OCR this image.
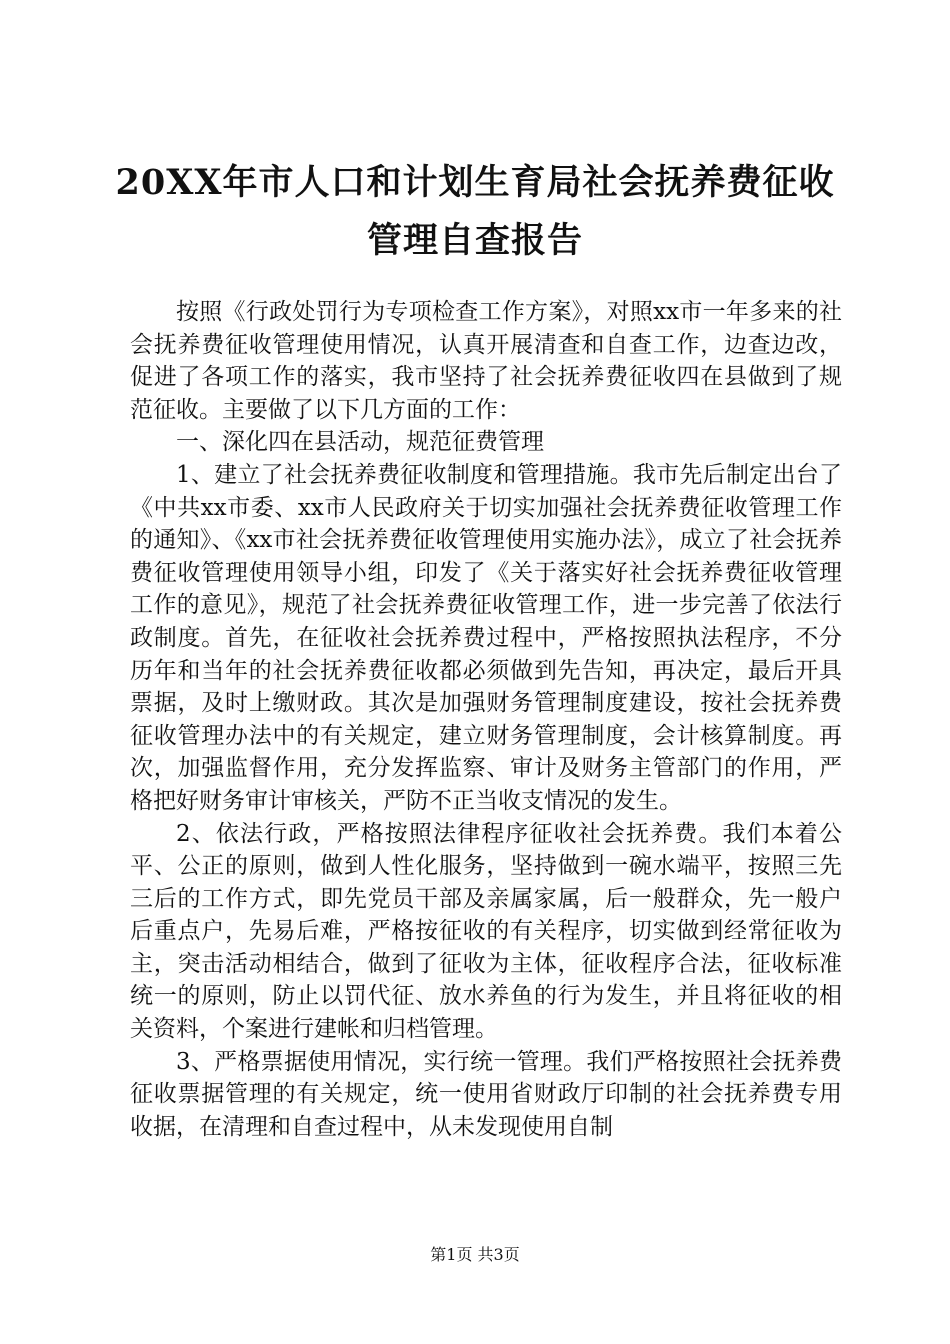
20XX年市人口和计划生育局社会抚养费征收
管理自查报告

按照《行政处罚行为专项检查工作方案》，对照xx市一年多来的社会抚养费征收管理使用情况，认真开展清查和自查工作，边查边改，促进了各项工作的落实，我市坚持了社会抚养费征收四在县做到了规范征收。主要做了以下几方面的工作：

一、深化四在县活动，规范征费管理

1、建立了社会抚养费征收制度和管理措施。我市先后制定出台了《中共xx市委、xx市人民政府关于切实加强社会抚养费征收管理工作的通知》、《xx市社会抚养费征收管理使用实施办法》，成立了社会抚养费征收管理使用领导小组，印发了《关于落实好社会抚养费征收管理工作的意见》，规范了社会抚养费征收管理工作，进一步完善了依法行政制度。首先，在征收社会抚养费过程中，严格按照执法程序，不分历年和当年的社会抚养费征收都必须做到先告知，再决定，最后开具票据，及时上缴财政。其次是加强财务管理制度建设，按社会抚养费征收管理办法中的有关规定，建立财务管理制度，会计核算制度。再次，加强监督作用，充分发挥监察、审计及财务主管部门的作用，严格把好财务审计审核关，严防不正当收支情况的发生。

2、依法行政，严格按照法律程序征收社会抚养费。我们本着公平、公正的原则，做到人性化服务，坚持做到一碗水端平，按照三先三后的工作方式，即先党员干部及亲属家属，后一般群众，先一般户后重点户，先易后难，严格按征收的有关程序，切实做到经常征收为主，突击活动相结合，做到了征收为主体，征收程序合法，征收标准统一的原则，防止以罚代征、放水养鱼的行为发生，并且将征收的相关资料，个案进行建帐和归档管理。

3、严格票据使用情况，实行统一管理。我们严格按照社会抚养费征收票据管理的有关规定，统一使用省财政厅印制的社会抚养费专用收据，在清理和自查过程中，从未发现使用自制

第1页 共3页
